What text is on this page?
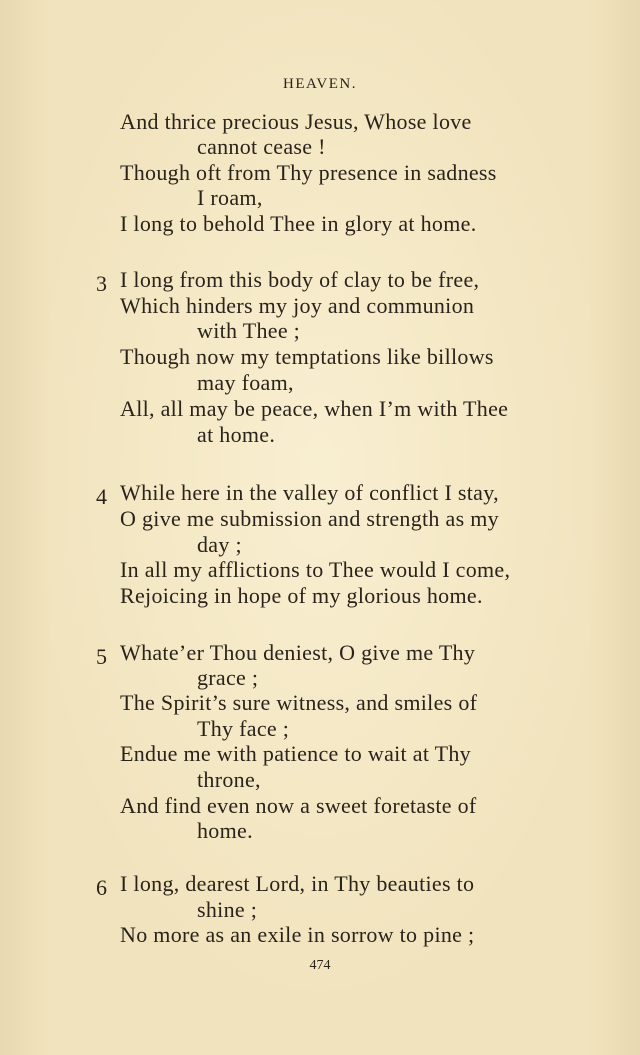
HEAVEN.
And thrice precious Jesus, Whose love
cannot cease !
Though oft from Thy presence in sadness
I roam,
I long to behold Thee in glory at home.
3 I long from this body of clay to be free,
Which hinders my joy and communion
with Thee ;
Though now my temptations like billows
may foam,
All, all may be peace, when I’m with Thee
at home.
4 While here in the valley of conflict I stay,
O give me submission and strength as my
day ;
In all my afflictions to Thee would I come,
Rejoicing in hope of my glorious home.
5 Whate’er Thou deniest, O give me Thy
grace ;
The Spirit’s sure witness, and smiles of
Thy face ;
Endue me with patience to wait at Thy
throne,
And find even now a sweet foretaste of
home.
6 I long, dearest Lord, in Thy beauties to
shine ;
No more as an exile in sorrow to pine ;
474
